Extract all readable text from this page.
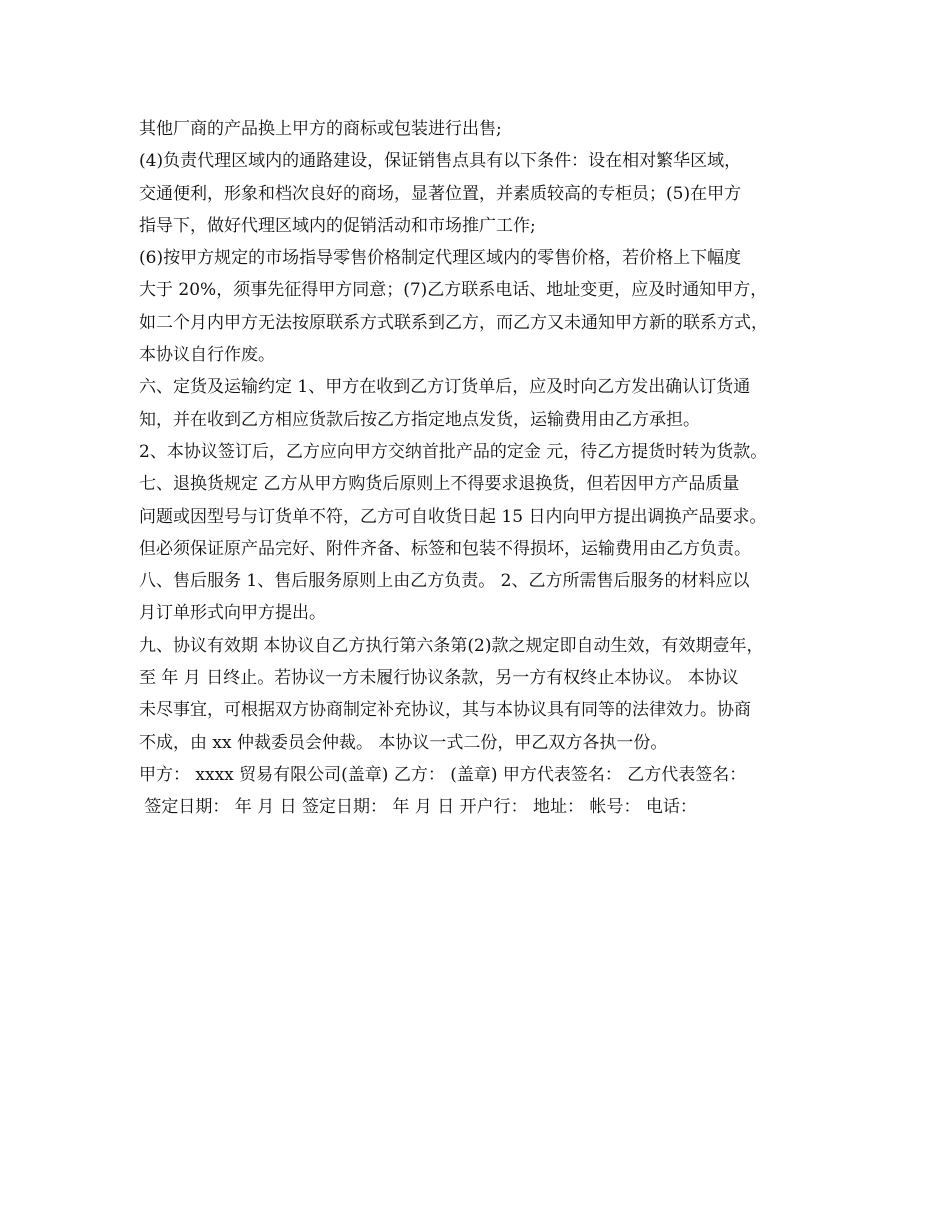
其他厂商的产品换上甲方的商标或包装进行出售;
(4)负责代理区域内的通路建设，保证销售点具有以下条件：设在相对繁华区域，
交通便利，形象和档次良好的商场，显著位置，并素质较高的专柜员；(5)在甲方
指导下，做好代理区域内的促销活动和市场推广工作;
(6)按甲方规定的市场指导零售价格制定代理区域内的零售价格，若价格上下幅度
大于 20%，须事先征得甲方同意；(7)乙方联系电话、地址变更，应及时通知甲方，
如二个月内甲方无法按原联系方式联系到乙方，而乙方又未通知甲方新的联系方式，
本协议自行作废。
六、定货及运输约定 1、甲方在收到乙方订货单后，应及时向乙方发出确认订货通
知，并在收到乙方相应货款后按乙方指定地点发货，运输费用由乙方承担。
2、本协议签订后，乙方应向甲方交纳首批产品的定金 元，待乙方提货时转为货款。
七、退换货规定 乙方从甲方购货后原则上不得要求退换货，但若因甲方产品质量
问题或因型号与订货单不符，乙方可自收货日起 15 日内向甲方提出调换产品要求。
但必须保证原产品完好、附件齐备、标签和包装不得损坏，运输费用由乙方负责。
八、售后服务 1、售后服务原则上由乙方负责。 2、乙方所需售后服务的材料应以
月订单形式向甲方提出。
九、协议有效期 本协议自乙方执行第六条第(2)款之规定即自动生效，有效期壹年，
至 年 月 日终止。若协议一方未履行协议条款，另一方有权终止本协议。 本协议
未尽事宜，可根据双方协商制定补充协议，其与本协议具有同等的法律效力。协商
不成，由 xx 仲裁委员会仲裁。 本协议一式二份，甲乙双方各执一份。
甲方： xxxx 贸易有限公司(盖章) 乙方： (盖章) 甲方代表签名： 乙方代表签名：
签定日期： 年 月 日 签定日期： 年 月 日 开户行： 地址： 帐号： 电话：
